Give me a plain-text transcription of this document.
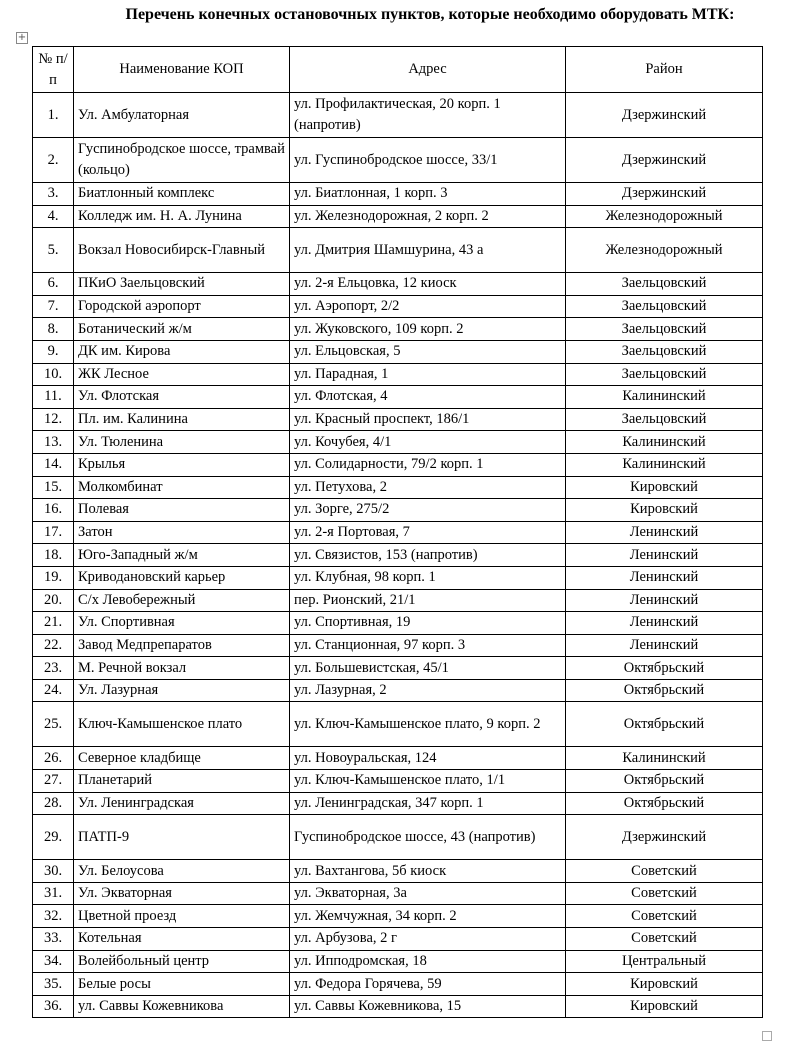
Перечень конечных остановочных пунктов, которые необходимо оборудовать МТК:
+
№ п/п	Наименование КОП	Адрес	Район
1.	Ул. Амбулаторная	ул. Профилактическая, 20 корп. 1 (напротив)	Дзержинский
2.	Гуспинобродское шоссе, трамвай (кольцо)	ул. Гуспинобродское шоссе, 33/1	Дзержинский
3.	Биатлонный комплекс	ул. Биатлонная, 1 корп. 3	Дзержинский
4.	Колледж им. Н. А. Лунина	ул. Железнодорожная, 2 корп. 2	Железнодорожный
5.	Вокзал Новосибирск-Главный	ул. Дмитрия Шамшурина, 43 а	Железнодорожный
6.	ПКиО Заельцовский	ул. 2-я Ельцовка, 12 киоск	Заельцовский
7.	Городской аэропорт	ул. Аэропорт, 2/2	Заельцовский
8.	Ботанический ж/м	ул. Жуковского, 109 корп. 2	Заельцовский
9.	ДК им. Кирова	ул. Ельцовская, 5	Заельцовский
10.	ЖК Лесное	ул. Парадная, 1	Заельцовский
11.	Ул. Флотская	ул. Флотская, 4	Калининский
12.	Пл. им. Калинина	ул. Красный проспект, 186/1	Заельцовский
13.	Ул. Тюленина	ул. Кочубея, 4/1	Калининский
14.	Крылья	ул. Солидарности, 79/2 корп. 1	Калининский
15.	Молкомбинат	ул. Петухова, 2	Кировский
16.	Полевая	ул. Зорге, 275/2	Кировский
17.	Затон	ул. 2-я Портовая, 7	Ленинский
18.	Юго-Западный ж/м	ул. Связистов, 153 (напротив)	Ленинский
19.	Криводановский карьер	ул. Клубная, 98 корп. 1	Ленинский
20.	С/х Левобережный	пер. Рионский, 21/1	Ленинский
21.	Ул. Спортивная	ул. Спортивная, 19	Ленинский
22.	Завод Медпрепаратов	ул. Станционная, 97 корп. 3	Ленинский
23.	М. Речной вокзал	ул. Большевистская, 45/1	Октябрьский
24.	Ул. Лазурная	ул. Лазурная, 2	Октябрьский
25.	Ключ-Камышенское плато	ул. Ключ-Камышенское плато, 9 корп. 2	Октябрьский
26.	Северное кладбище	ул. Новоуральская, 124	Калининский
27.	Планетарий	ул. Ключ-Камышенское плато, 1/1	Октябрьский
28.	Ул. Ленинградская	ул. Ленинградская, 347 корп. 1	Октябрьский
29.	ПАТП-9	Гуспинобродское шоссе, 43 (напротив)	Дзержинский
30.	Ул. Белоусова	ул. Вахтангова, 5б киоск	Советский
31.	Ул. Экваторная	ул. Экваторная, 3а	Советский
32.	Цветной проезд	ул. Жемчужная, 34 корп. 2	Советский
33.	Котельная	ул. Арбузова, 2 г	Советский
34.	Волейбольный центр	ул. Ипподромская, 18	Центральный
35.	Белые росы	ул. Федора Горячева, 59	Кировский
36.	ул. Саввы Кожевникова	ул. Саввы Кожевникова, 15	Кировский
